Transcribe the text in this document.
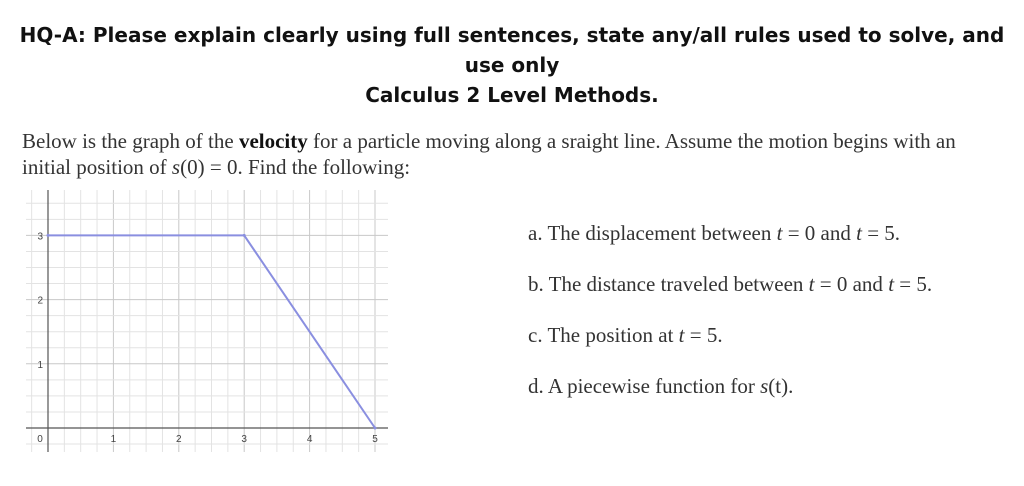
HQ-A: Please explain clearly using full sentences, state any/all rules used to solve, and use only
Calculus 2 Level Methods.
Below is the graph of the velocity for a particle moving along a sraight line. Assume the motion begins with an initial position of s(0) = 0. Find the following:
0	1	2	3	4	5
1
2
3	a. The displacement between t = 0 and t = 5.
b. The distance traveled between t = 0 and t = 5.
c. The position at t = 5.
d. A piecewise function for s(t).
